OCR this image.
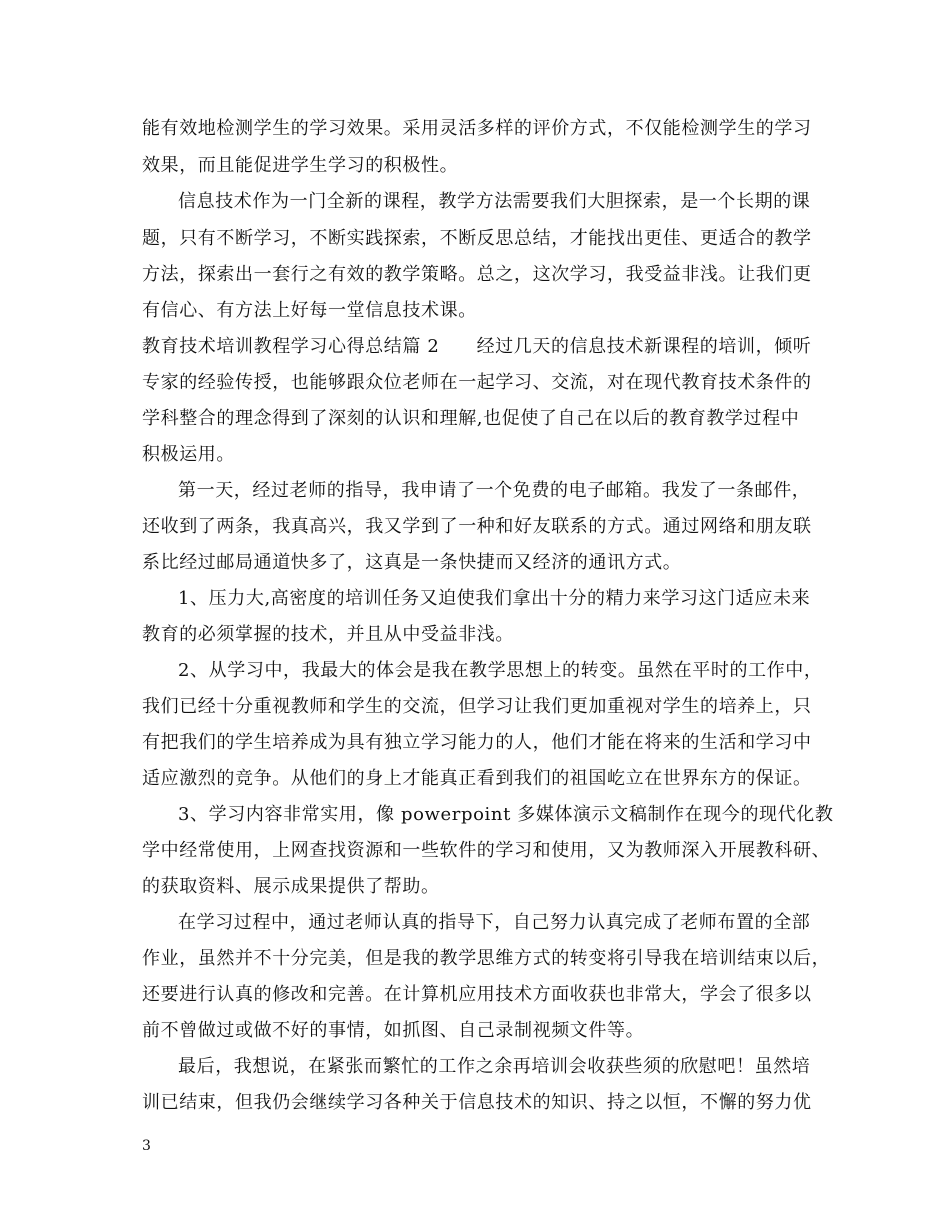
能有效地检测学生的学习效果。采用灵活多样的评价方式，不仅能检测学生的学习
效果，而且能促进学生学习的积极性。
信息技术作为一门全新的课程，教学方法需要我们大胆探索，是一个长期的课
题，只有不断学习，不断实践探索，不断反思总结，才能找出更佳、更适合的教学
方法，探索出一套行之有效的教学策略。总之，这次学习，我受益非浅。让我们更
有信心、有方法上好每一堂信息技术课。
教育技术培训教程学习心得总结篇 2　　经过几天的信息技术新课程的培训，倾听
专家的经验传授，也能够跟众位老师在一起学习、交流，对在现代教育技术条件的
学科整合的理念得到了深刻的认识和理解,也促使了自己在以后的教育教学过程中
积极运用。
第一天，经过老师的指导，我申请了一个免费的电子邮箱。我发了一条邮件，
还收到了两条，我真高兴，我又学到了一种和好友联系的方式。通过网络和朋友联
系比经过邮局通道快多了，这真是一条快捷而又经济的通讯方式。
1、压力大,高密度的培训任务又迫使我们拿出十分的精力来学习这门适应未来
教育的必须掌握的技术，并且从中受益非浅。
2、从学习中，我最大的体会是我在教学思想上的转变。虽然在平时的工作中，
我们已经十分重视教师和学生的交流，但学习让我们更加重视对学生的培养上，只
有把我们的学生培养成为具有独立学习能力的人，他们才能在将来的生活和学习中
适应激烈的竞争。从他们的身上才能真正看到我们的祖国屹立在世界东方的保证。
3、学习内容非常实用，像 powerpoint 多媒体演示文稿制作在现今的现代化教
学中经常使用，上网查找资源和一些软件的学习和使用，又为教师深入开展教科研、
的获取资料、展示成果提供了帮助。
在学习过程中，通过老师认真的指导下，自己努力认真完成了老师布置的全部
作业，虽然并不十分完美，但是我的教学思维方式的转变将引导我在培训结束以后，
还要进行认真的修改和完善。在计算机应用技术方面收获也非常大，学会了很多以
前不曾做过或做不好的事情，如抓图、自己录制视频文件等。
最后，我想说，在紧张而繁忙的工作之余再培训会收获些须的欣慰吧！虽然培
训已结束，但我仍会继续学习各种关于信息技术的知识、持之以恒，不懈的努力优
3
